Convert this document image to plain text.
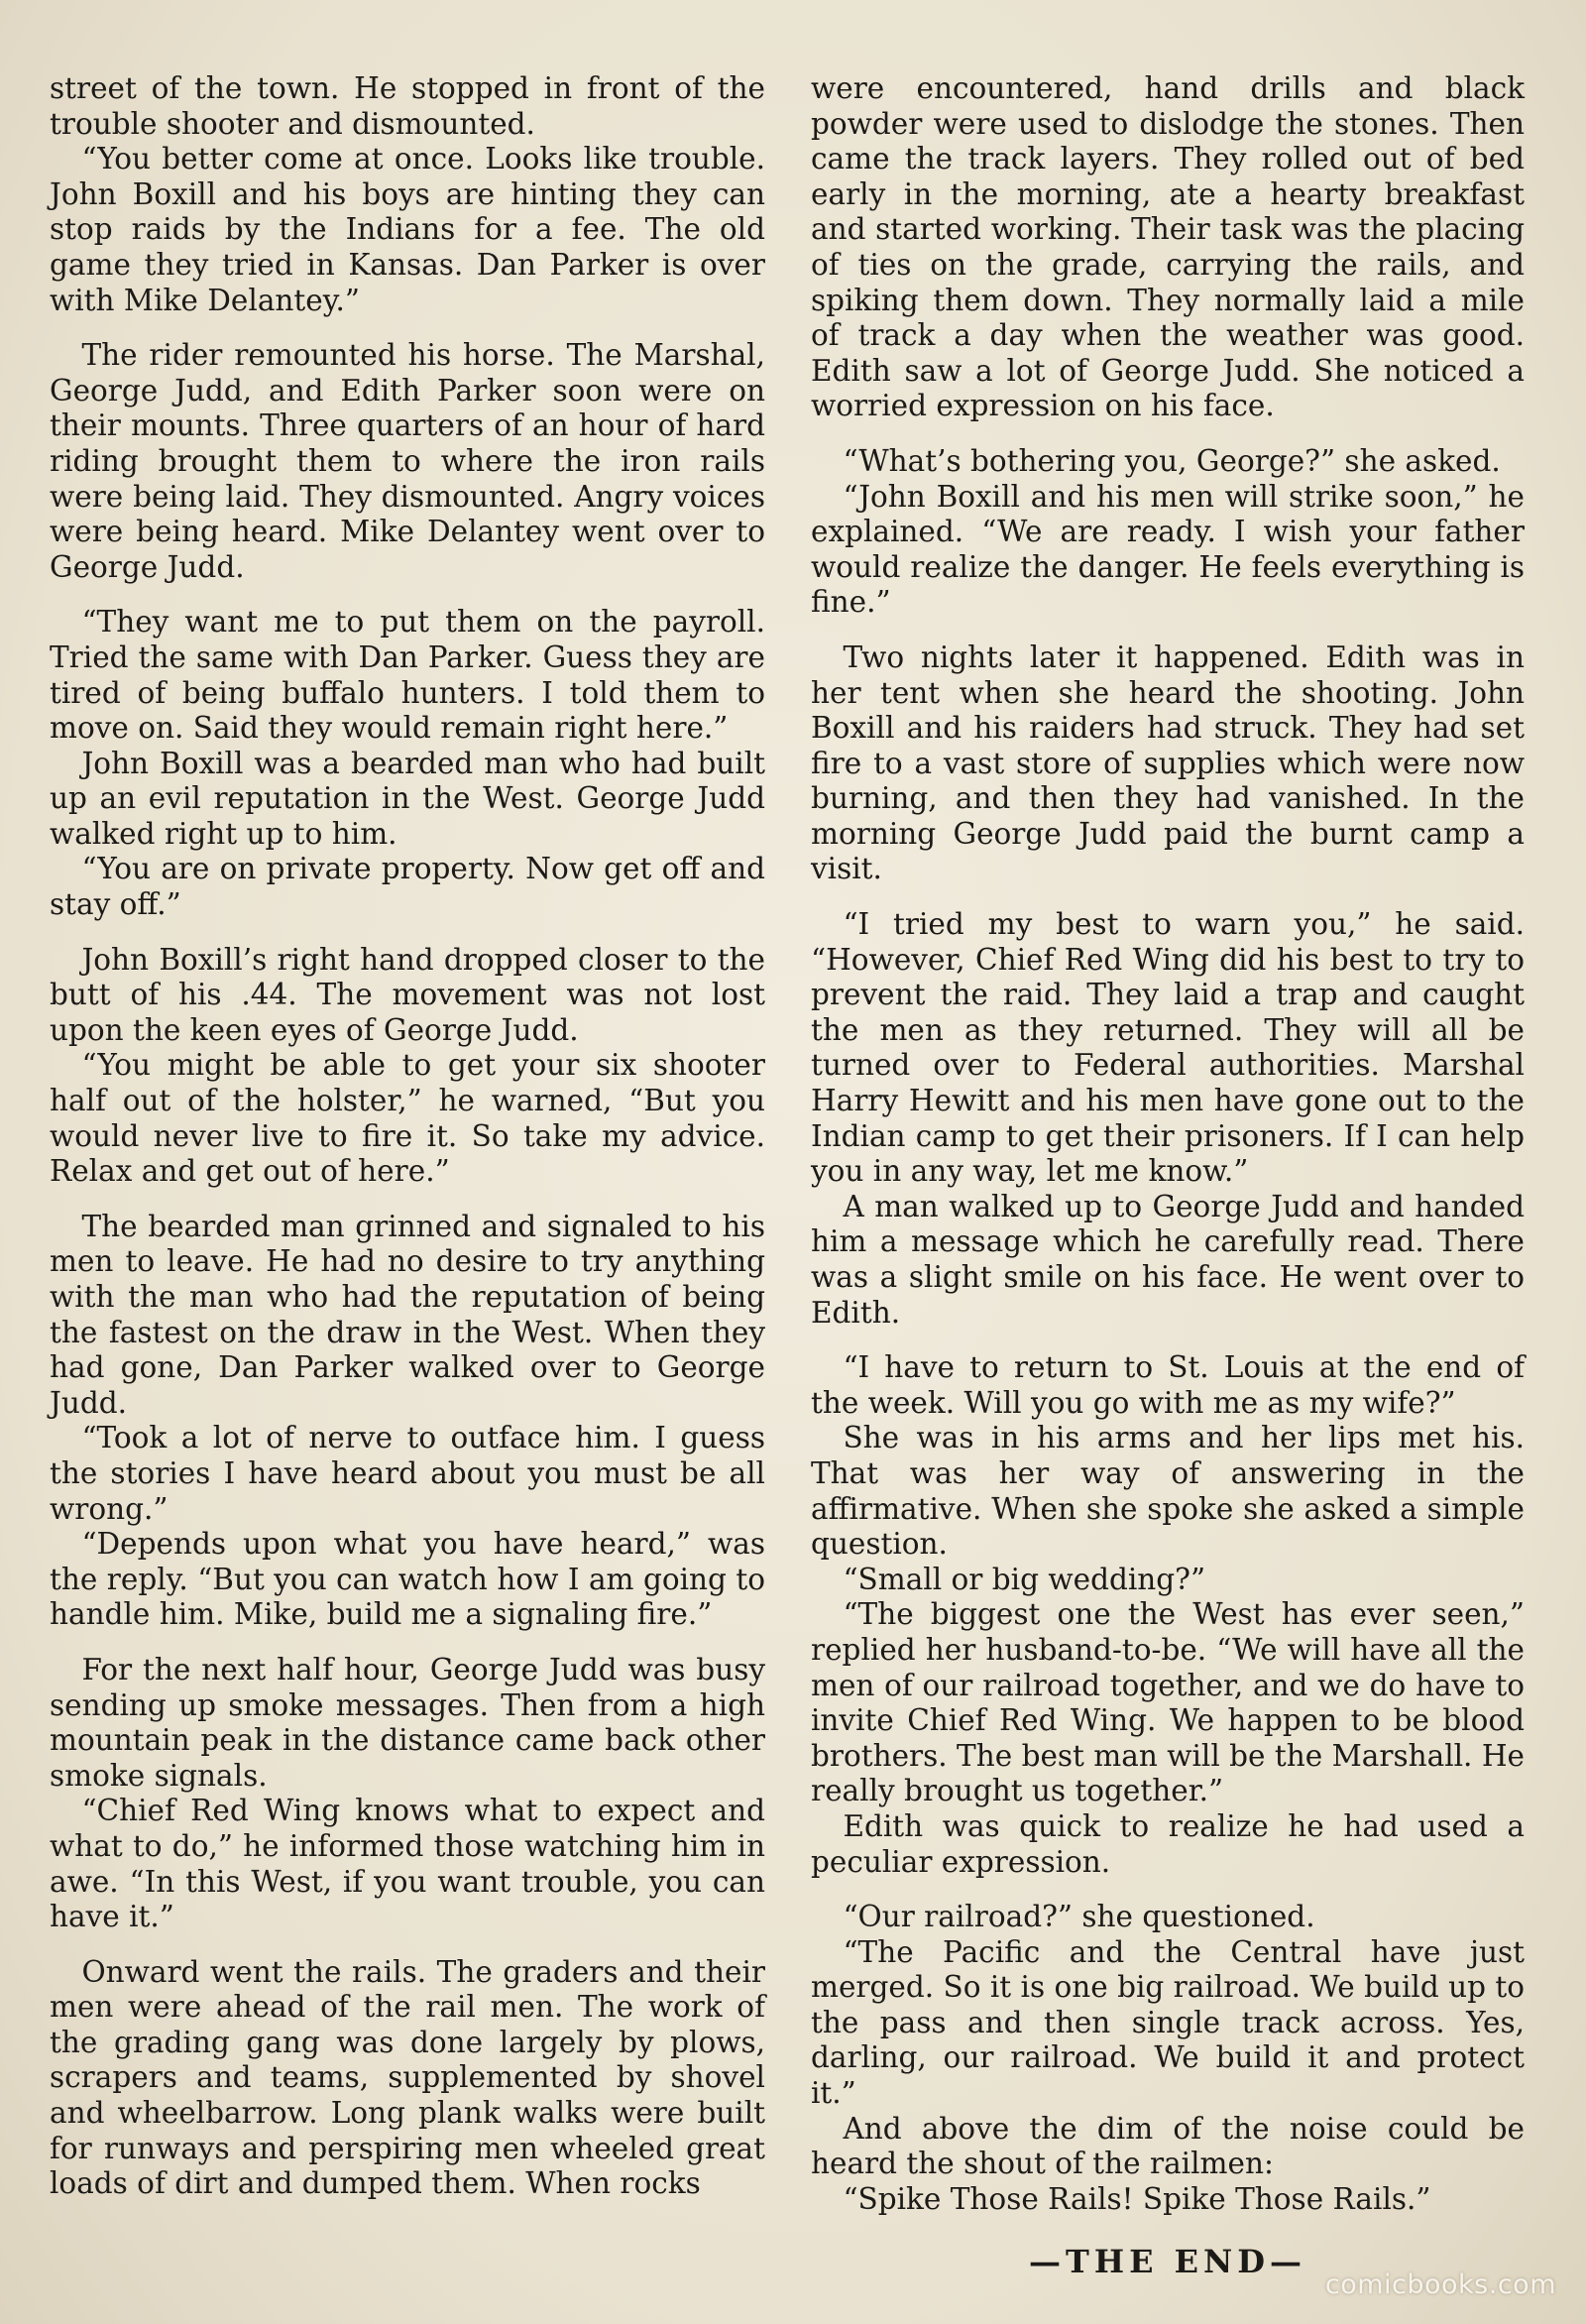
street of the town. He stopped in front of the trouble shooter and dismounted.

“You better come at once. Looks like trouble. John Boxill and his boys are hinting they can stop raids by the Indians for a fee. The old game they tried in Kansas. Dan Parker is over with Mike Delantey.”

The rider remounted his horse. The Marshal, George Judd, and Edith Parker soon were on their mounts. Three quarters of an hour of hard riding brought them to where the iron rails were being laid. They dismounted. Angry voices were being heard. Mike Delantey went over to George Judd.

“They want me to put them on the payroll. Tried the same with Dan Parker. Guess they are tired of being buffalo hunters. I told them to move on. Said they would remain right here.”

John Boxill was a bearded man who had built up an evil reputation in the West. George Judd walked right up to him.

“You are on private property. Now get off and stay off.”

John Boxill’s right hand dropped closer to the butt of his .44. The movement was not lost upon the keen eyes of George Judd.

“You might be able to get your six shooter half out of the holster,” he warned, “But you would never live to fire it. So take my advice. Relax and get out of here.”

The bearded man grinned and signaled to his men to leave. He had no desire to try anything with the man who had the reputation of being the fastest on the draw in the West. When they had gone, Dan Parker walked over to George Judd.

“Took a lot of nerve to outface him. I guess the stories I have heard about you must be all wrong.”

“Depends upon what you have heard,” was the reply. “But you can watch how I am going to handle him. Mike, build me a signaling fire.”

For the next half hour, George Judd was busy sending up smoke messages. Then from a high mountain peak in the distance came back other smoke signals.

“Chief Red Wing knows what to expect and what to do,” he informed those watching him in awe. “In this West, if you want trouble, you can have it.”

Onward went the rails. The graders and their men were ahead of the rail men. The work of the grading gang was done largely by plows, scrapers and teams, supplemented by shovel and wheelbarrow. Long plank walks were built for runways and perspiring men wheeled great loads of dirt and dumped them. When rocks

were encountered, hand drills and black powder were used to dislodge the stones. Then came the track layers. They rolled out of bed early in the morning, ate a hearty breakfast and started working. Their task was the placing of ties on the grade, carrying the rails, and spiking them down. They normally laid a mile of track a day when the weather was good. Edith saw a lot of George Judd. She noticed a worried expression on his face.

“What’s bothering you, George?” she asked.

“John Boxill and his men will strike soon,” he explained. “We are ready. I wish your father would realize the danger. He feels everything is fine.”

Two nights later it happened. Edith was in her tent when she heard the shooting. John Boxill and his raiders had struck. They had set fire to a vast store of supplies which were now burning, and then they had vanished. In the morning George Judd paid the burnt camp a visit.

“I tried my best to warn you,” he said. “However, Chief Red Wing did his best to try to prevent the raid. They laid a trap and caught the men as they returned. They will all be turned over to Federal authorities. Marshal Harry Hewitt and his men have gone out to the Indian camp to get their prisoners. If I can help you in any way, let me know.”

A man walked up to George Judd and handed him a message which he carefully read. There was a slight smile on his face. He went over to Edith.

“I have to return to St. Louis at the end of the week. Will you go with me as my wife?”

She was in his arms and her lips met his. That was her way of answering in the affirmative. When she spoke she asked a simple question.

“Small or big wedding?”

“The biggest one the West has ever seen,” replied her husband-to-be. “We will have all the men of our railroad together, and we do have to invite Chief Red Wing. We happen to be blood brothers. The best man will be the Marshall. He really brought us together.”

Edith was quick to realize he had used a peculiar expression.

“Our railroad?” she questioned.

“The Pacific and the Central have just merged. So it is one big railroad. We build up to the pass and then single track across. Yes, darling, our railroad. We build it and protect it.”

And above the dim of the noise could be heard the shout of the railmen:

“Spike Those Rails! Spike Those Rails.”

—THE END—
comicbooks.com
